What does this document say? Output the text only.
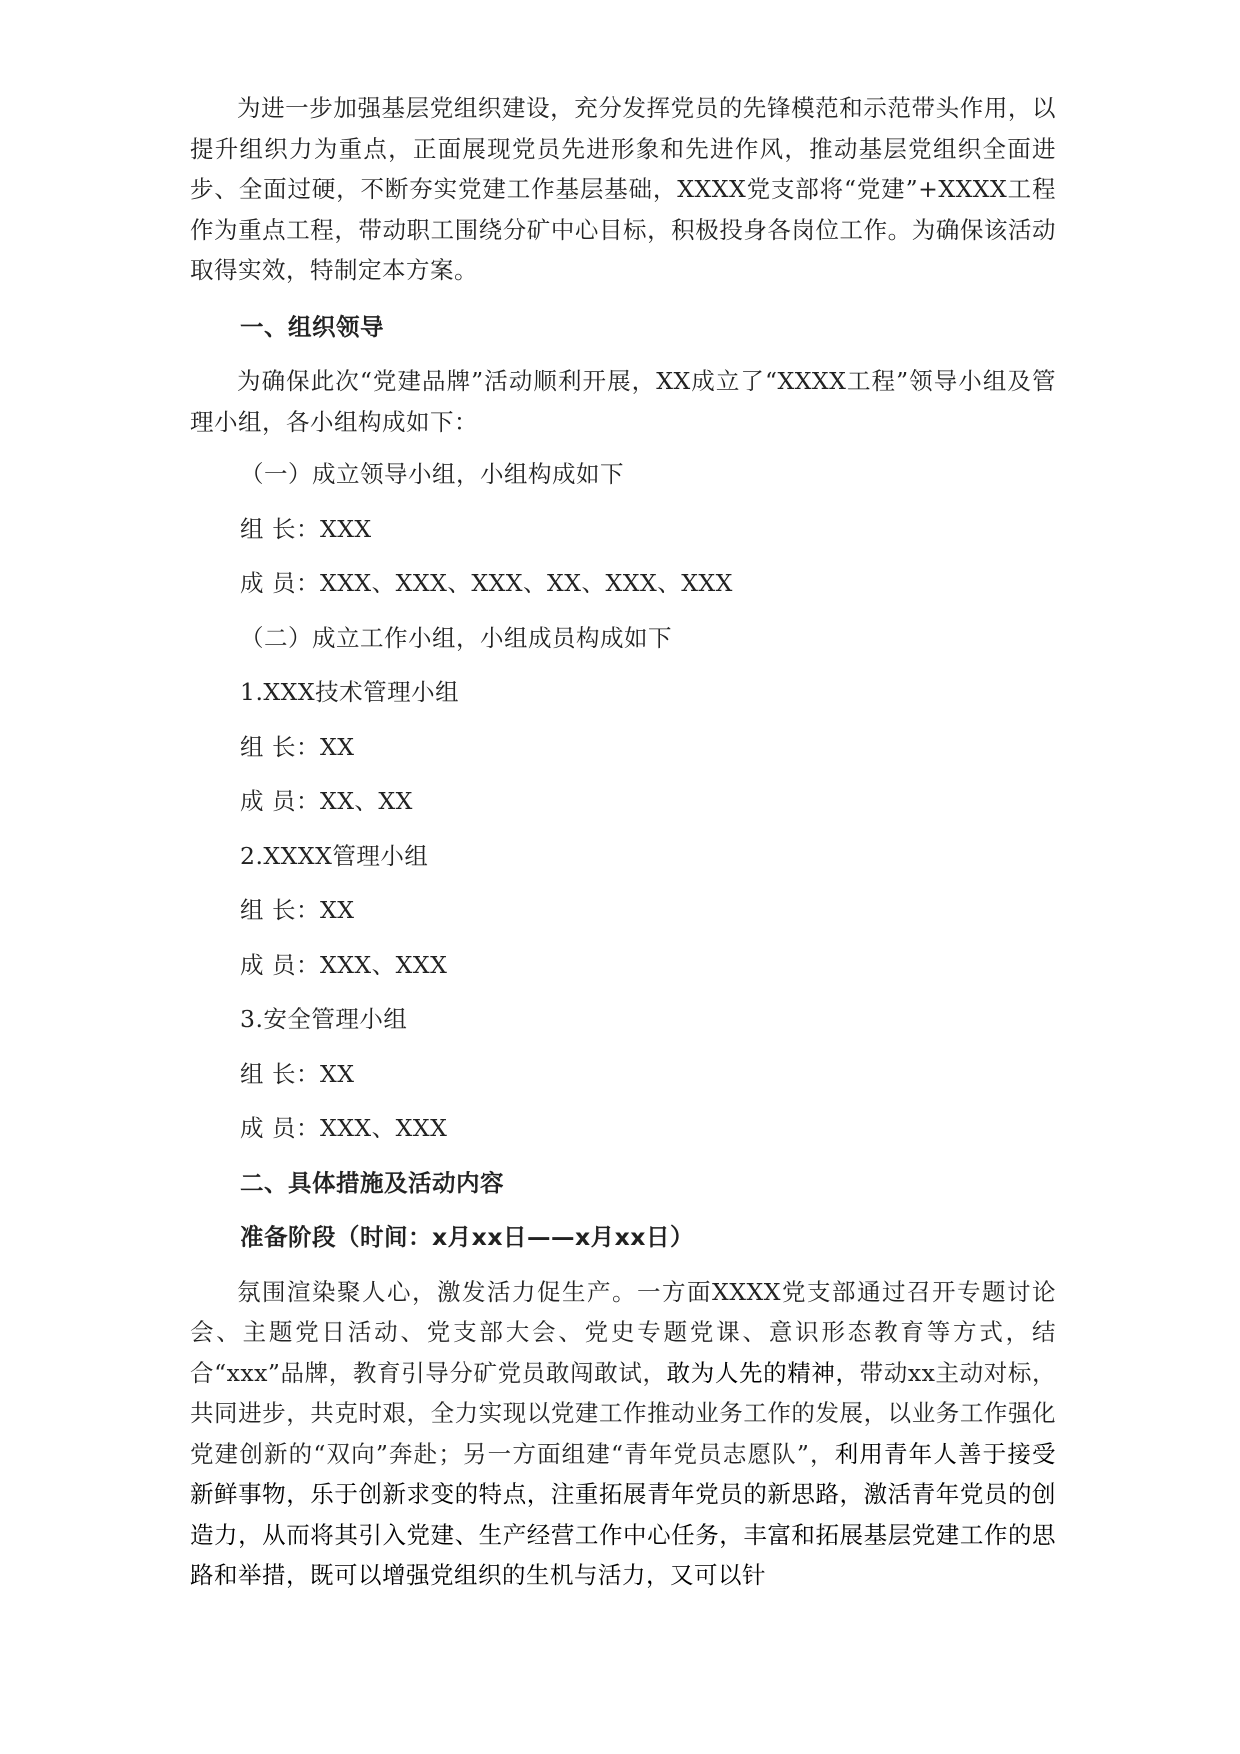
为进一步加强基层党组织建设，充分发挥党员的先锋模范和示范带头作用，以提升组织力为重点，正面展现党员先进形象和先进作风，推动基层党组织全面进步、全面过硬，不断夯实党建工作基层基础，XXXX党支部将“党建”+XXXX工程作为重点工程，带动职工围绕分矿中心目标，积极投身各岗位工作。为确保该活动取得实效，特制定本方案。

一、组织领导

为确保此次“党建品牌”活动顺利开展，XX成立了“XXXX工程”领导小组及管理小组，各小组构成如下：

（一）成立领导小组，小组构成如下

组 长：XXX

成 员：XXX、XXX、XXX、XX、XXX、XXX

（二）成立工作小组，小组成员构成如下

1.XXX技术管理小组

组 长：XX

成 员：XX、XX

2.XXXX管理小组

组 长：XX

成 员：XXX、XXX

3.安全管理小组

组 长：XX

成 员：XXX、XXX

二、具体措施及活动内容

准备阶段（时间：x月xx日——x月xx日）

氛围渲染聚人心，激发活力促生产。一方面XXXX党支部通过召开专题讨论会、主题党日活动、党支部大会、党史专题党课、意识形态教育等方式，结合“xxx”品牌，教育引导分矿党员敢闯敢试，敢为人先的精神，带动xx主动对标，共同进步，共克时艰，全力实现以党建工作推动业务工作的发展，以业务工作强化党建创新的“双向”奔赴；另一方面组建“青年党员志愿队”，利用青年人善于接受新鲜事物，乐于创新求变的特点，注重拓展青年党员的新思路，激活青年党员的创造力，从而将其引入党建、生产经营工作中心任务，丰富和拓展基层党建工作的思路和举措，既可以增强党组织的生机与活力，又可以针
